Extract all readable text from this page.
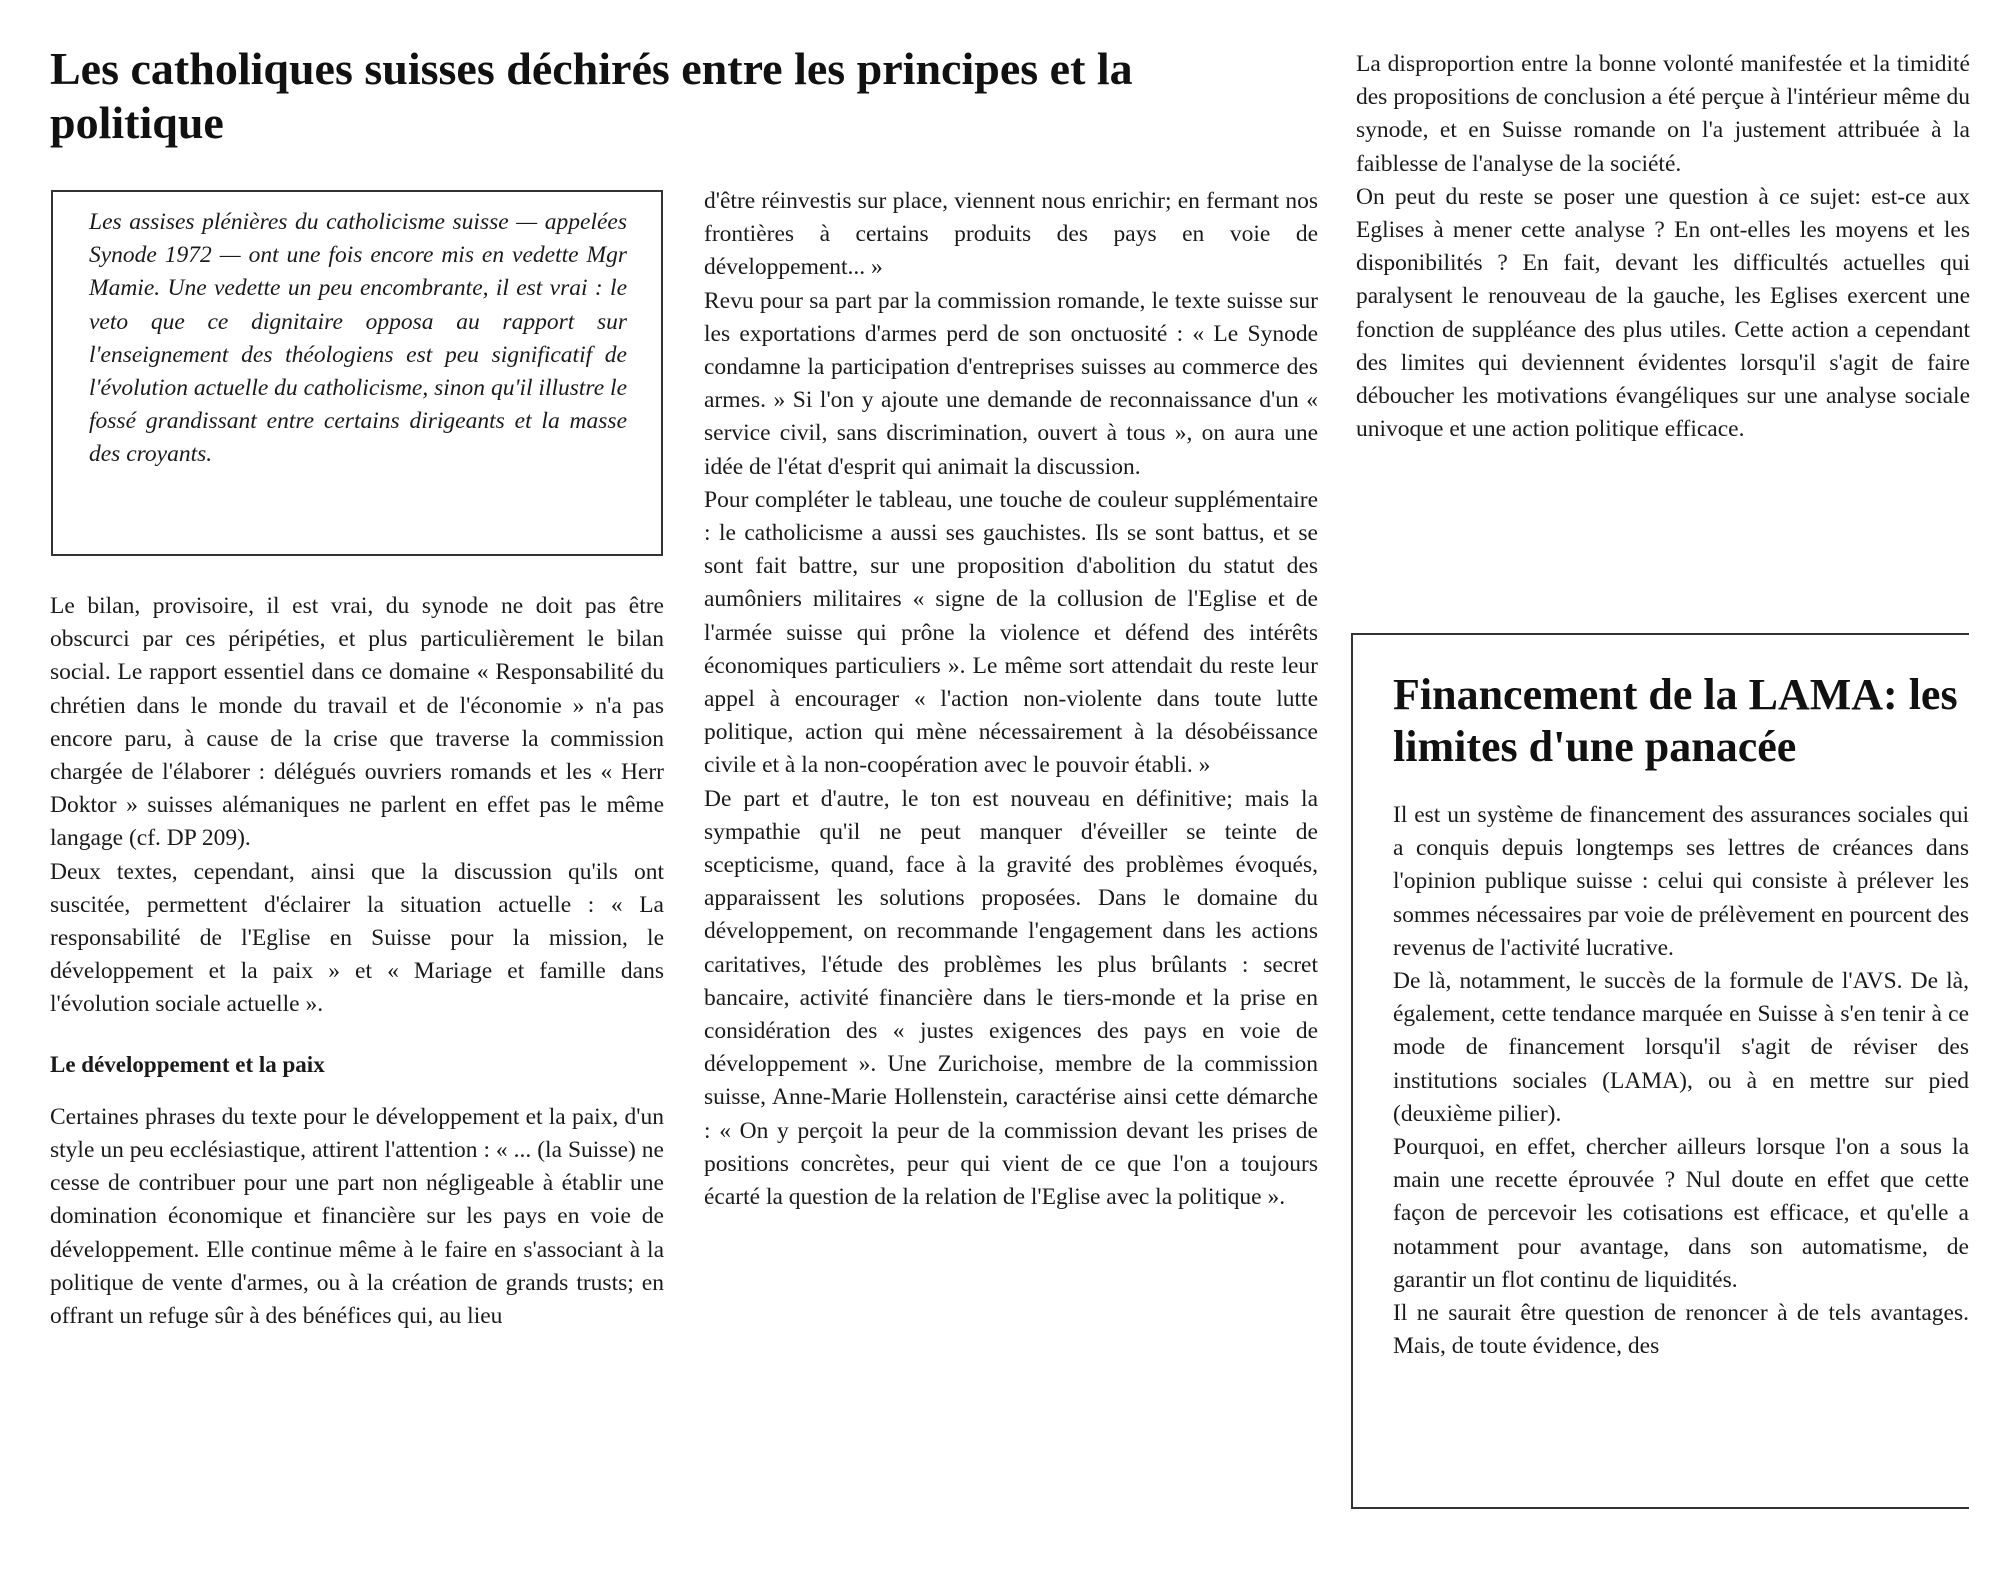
Les catholiques suisses déchirés entre les principes et la politique

Les assises plénières du catholicisme suisse — appelées Synode 1972 — ont une fois encore mis en vedette Mgr Mamie. Une vedette un peu encombrante, il est vrai : le veto que ce dignitaire opposa au rapport sur l'enseignement des théologiens est peu significatif de l'évolution actuelle du catholicisme, sinon qu'il illustre le fossé grandissant entre certains dirigeants et la masse des croyants.

Le bilan, provisoire, il est vrai, du synode ne doit pas être obscurci par ces péripéties, et plus particulièrement le bilan social. Le rapport essentiel dans ce domaine « Responsabilité du chrétien dans le monde du travail et de l'économie » n'a pas encore paru, à cause de la crise que traverse la commission chargée de l'élaborer : délégués ouvriers romands et les « Herr Doktor » suisses alémaniques ne parlent en effet pas le même langage (cf. DP 209).

Deux textes, cependant, ainsi que la discussion qu'ils ont suscitée, permettent d'éclairer la situation actuelle : « La responsabilité de l'Eglise en Suisse pour la mission, le développement et la paix » et « Mariage et famille dans l'évolution sociale actuelle ».

Le développement et la paix

Certaines phrases du texte pour le développement et la paix, d'un style un peu ecclésiastique, attirent l'attention : « ... (la Suisse) ne cesse de contribuer pour une part non négligeable à établir une domination économique et financière sur les pays en voie de développement. Elle continue même à le faire en s'associant à la politique de vente d'armes, ou à la création de grands trusts; en offrant un refuge sûr à des bénéfices qui, au lieu

d'être réinvestis sur place, viennent nous enrichir; en fermant nos frontières à certains produits des pays en voie de développement... »

Revu pour sa part par la commission romande, le texte suisse sur les exportations d'armes perd de son onctuosité : « Le Synode condamne la participation d'entreprises suisses au commerce des armes. » Si l'on y ajoute une demande de reconnaissance d'un « service civil, sans discrimination, ouvert à tous », on aura une idée de l'état d'esprit qui animait la discussion.

Pour compléter le tableau, une touche de couleur supplémentaire : le catholicisme a aussi ses gauchistes. Ils se sont battus, et se sont fait battre, sur une proposition d'abolition du statut des aumôniers militaires « signe de la collusion de l'Eglise et de l'armée suisse qui prône la violence et défend des intérêts économiques particuliers ». Le même sort attendait du reste leur appel à encourager « l'action non-violente dans toute lutte politique, action qui mène nécessairement à la désobéissance civile et à la non-coopération avec le pouvoir établi. »

De part et d'autre, le ton est nouveau en définitive; mais la sympathie qu'il ne peut manquer d'éveiller se teinte de scepticisme, quand, face à la gravité des problèmes évoqués, apparaissent les solutions proposées. Dans le domaine du développement, on recommande l'engagement dans les actions caritatives, l'étude des problèmes les plus brûlants : secret bancaire, activité financière dans le tiers-monde et la prise en considération des « justes exigences des pays en voie de développement ». Une Zurichoise, membre de la commission suisse, Anne-Marie Hollenstein, caractérise ainsi cette démarche : « On y perçoit la peur de la commission devant les prises de positions concrètes, peur qui vient de ce que l'on a toujours écarté la question de la relation de l'Eglise avec la politique ».

La disproportion entre la bonne volonté manifestée et la timidité des propositions de conclusion a été perçue à l'intérieur même du synode, et en Suisse romande on l'a justement attribuée à la faiblesse de l'analyse de la société.

On peut du reste se poser une question à ce sujet: est-ce aux Eglises à mener cette analyse ? En ont-elles les moyens et les disponibilités ? En fait, devant les difficultés actuelles qui paralysent le renouveau de la gauche, les Eglises exercent une fonction de suppléance des plus utiles. Cette action a cependant des limites qui deviennent évidentes lorsqu'il s'agit de faire déboucher les motivations évangéliques sur une analyse sociale univoque et une action politique efficace.

Financement de la LAMA: les limites d'une panacée

Il est un système de financement des assurances sociales qui a conquis depuis longtemps ses lettres de créances dans l'opinion publique suisse : celui qui consiste à prélever les sommes nécessaires par voie de prélèvement en pourcent des revenus de l'activité lucrative.

De là, notamment, le succès de la formule de l'AVS. De là, également, cette tendance marquée en Suisse à s'en tenir à ce mode de financement lorsqu'il s'agit de réviser des institutions sociales (LAMA), ou à en mettre sur pied (deuxième pilier).

Pourquoi, en effet, chercher ailleurs lorsque l'on a sous la main une recette éprouvée ? Nul doute en effet que cette façon de percevoir les cotisations est efficace, et qu'elle a notamment pour avantage, dans son automatisme, de garantir un flot continu de liquidités.

Il ne saurait être question de renoncer à de tels avantages. Mais, de toute évidence, des
